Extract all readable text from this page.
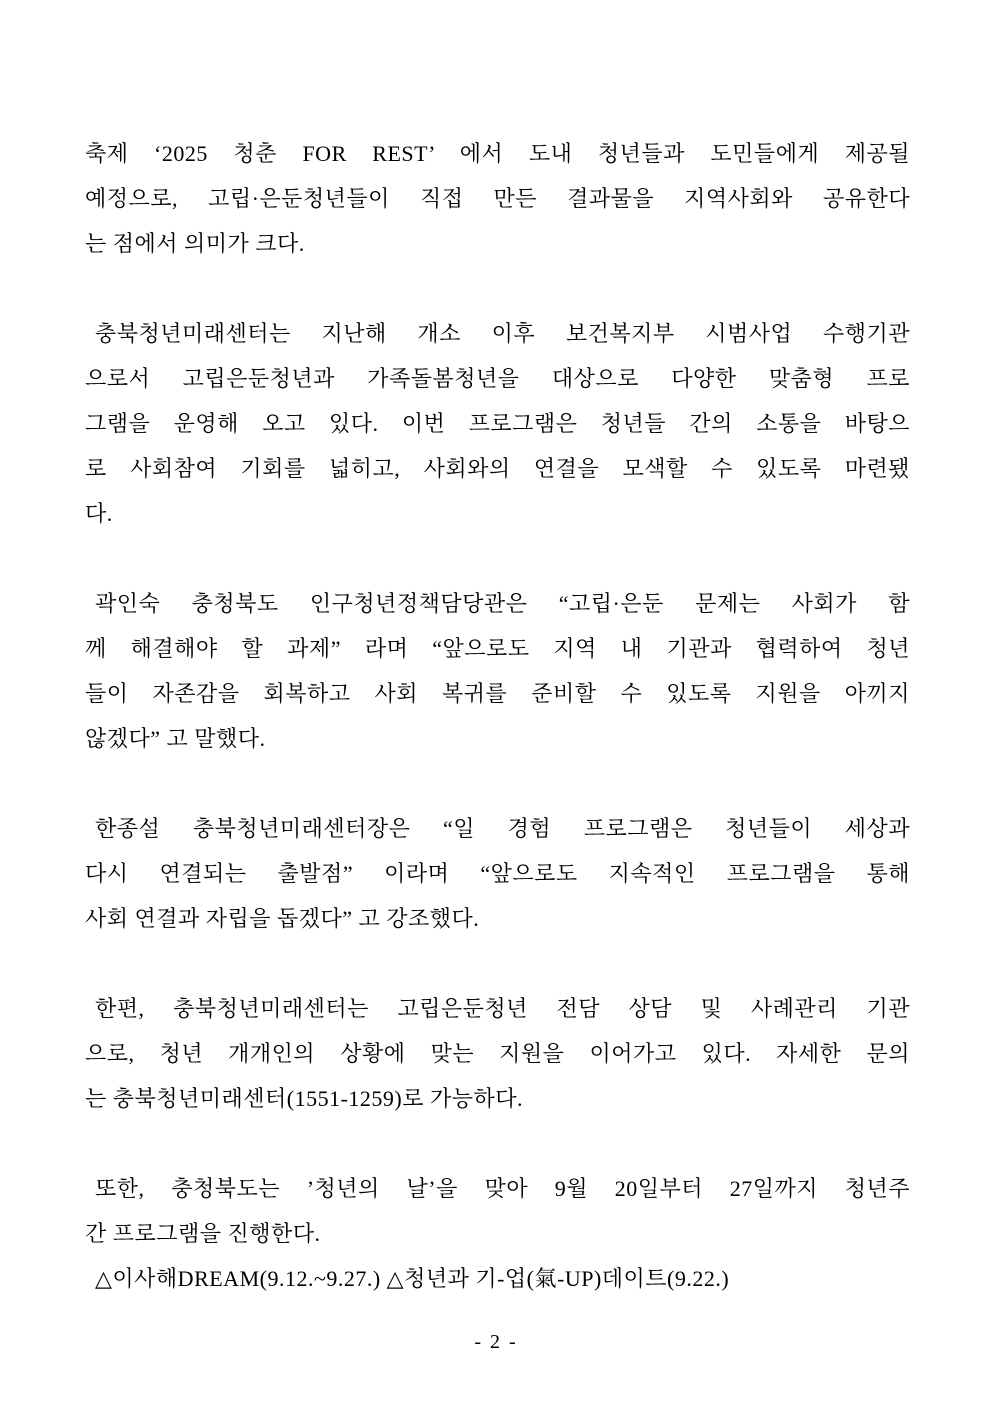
축제 ‘2025 청춘 FOR REST’ 에서 도내 청년들과 도민들에게 제공될
예정으로, 고립·은둔청년들이 직접 만든 결과물을 지역사회와 공유한다
는 점에서 의미가 크다.
충북청년미래센터는 지난해 개소 이후 보건복지부 시범사업 수행기관
으로서 고립은둔청년과 가족돌봄청년을 대상으로 다양한 맞춤형 프로
그램을 운영해 오고 있다. 이번 프로그램은 청년들 간의 소통을 바탕으
로 사회참여 기회를 넓히고, 사회와의 연결을 모색할 수 있도록 마련됐
다.
곽인숙 충청북도 인구청년정책담당관은 “고립·은둔 문제는 사회가 함
께 해결해야 할 과제” 라며 “앞으로도 지역 내 기관과 협력하여 청년
들이 자존감을 회복하고 사회 복귀를 준비할 수 있도록 지원을 아끼지
않겠다” 고 말했다.
한종설 충북청년미래센터장은 “일 경험 프로그램은 청년들이 세상과
다시 연결되는 출발점” 이라며 “앞으로도 지속적인 프로그램을 통해
사회 연결과 자립을 돕겠다” 고 강조했다.
한편, 충북청년미래센터는 고립은둔청년 전담 상담 및 사례관리 기관
으로, 청년 개개인의 상황에 맞는 지원을 이어가고 있다. 자세한 문의
는 충북청년미래센터(1551-1259)로 가능하다.
또한, 충청북도는 ’청년의 날’을 맞아 9월 20일부터 27일까지 청년주
간 프로그램을 진행한다.
△이사해DREAM(9.12.~9.27.) △청년과 기-업(氣-UP)데이트(9.22.)
- 2 -
